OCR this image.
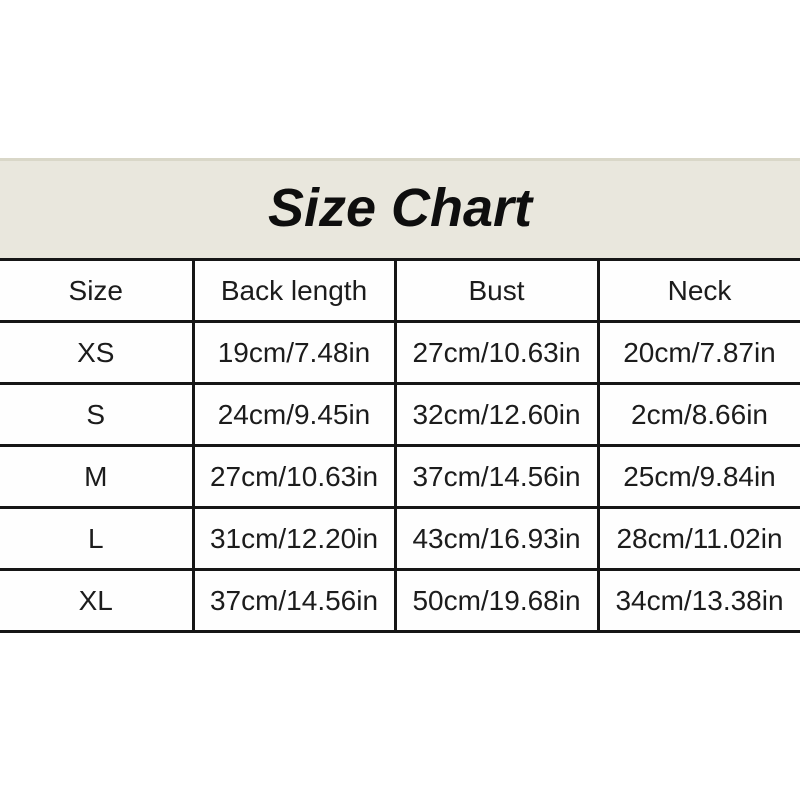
Size Chart
Size	Back length	Bust	Neck
XS	19cm/7.48in	27cm/10.63in	20cm/7.87in
S	24cm/9.45in	32cm/12.60in	2cm/8.66in
M	27cm/10.63in	37cm/14.56in	25cm/9.84in
L	31cm/12.20in	43cm/16.93in	28cm/11.02in
XL	37cm/14.56in	50cm/19.68in	34cm/13.38in
